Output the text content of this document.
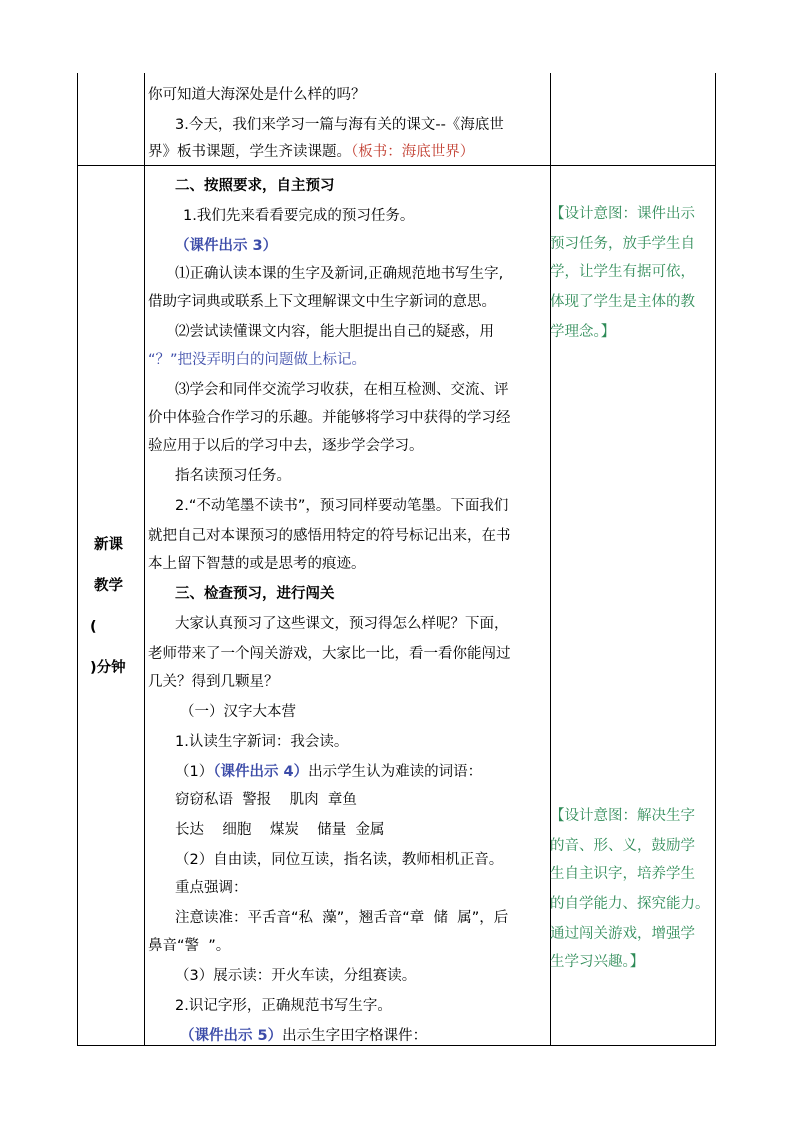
你可知道大海深处是什么样的吗？
3.今天，我们来学习一篇与海有关的课文--《海底世
界》板书课题，学生齐读课题。（板书：海底世界）
新课
教学
(
)分钟
二、按照要求，自主预习
1.我们先来看看要完成的预习任务。
（课件出示 3）
⑴正确认读本课的生字及新词,正确规范地书写生字,
借助字词典或联系上下文理解课文中生字新词的意思。
⑵尝试读懂课文内容，能大胆提出自己的疑惑，用
“？”把没弄明白的问题做上标记。
⑶学会和同伴交流学习收获，在相互检测、交流、评
价中体验合作学习的乐趣。并能够将学习中获得的学习经
验应用于以后的学习中去，逐步学会学习。
指名读预习任务。
2.“不动笔墨不读书”，预习同样要动笔墨。下面我们
就把自己对本课预习的感悟用特定的符号标记出来，在书
本上留下智慧的或是思考的痕迹。
三、检查预习，进行闯关
大家认真预习了这些课文，预习得怎么样呢？下面，
老师带来了一个闯关游戏，大家比一比，看一看你能闯过
几关？得到几颗星？
（一）汉字大本营
1.认读生字新词：我会读。
（1）（课件出示 4）出示学生认为难读的词语：
窃窃私语  警报    肌肉  章鱼
长达    细胞    煤炭    储量  金属
（2）自由读，同位互读，指名读，教师相机正音。
重点强调：
注意读准：平舌音“私  藻”，翘舌音“章  储  属”，后
鼻音“警  ”。
（3）展示读：开火车读，分组赛读。
2.识记字形，正确规范书写生字。
（课件出示 5）出示生字田字格课件：
【设计意图：课件出示
预习任务，放手学生自
学，让学生有据可依，
体现了学生是主体的教
学理念。】
【设计意图：解决生字
的音、形、义，鼓励学
生自主识字，培养学生
的自学能力、探究能力。
通过闯关游戏，增强学
生学习兴趣。】
